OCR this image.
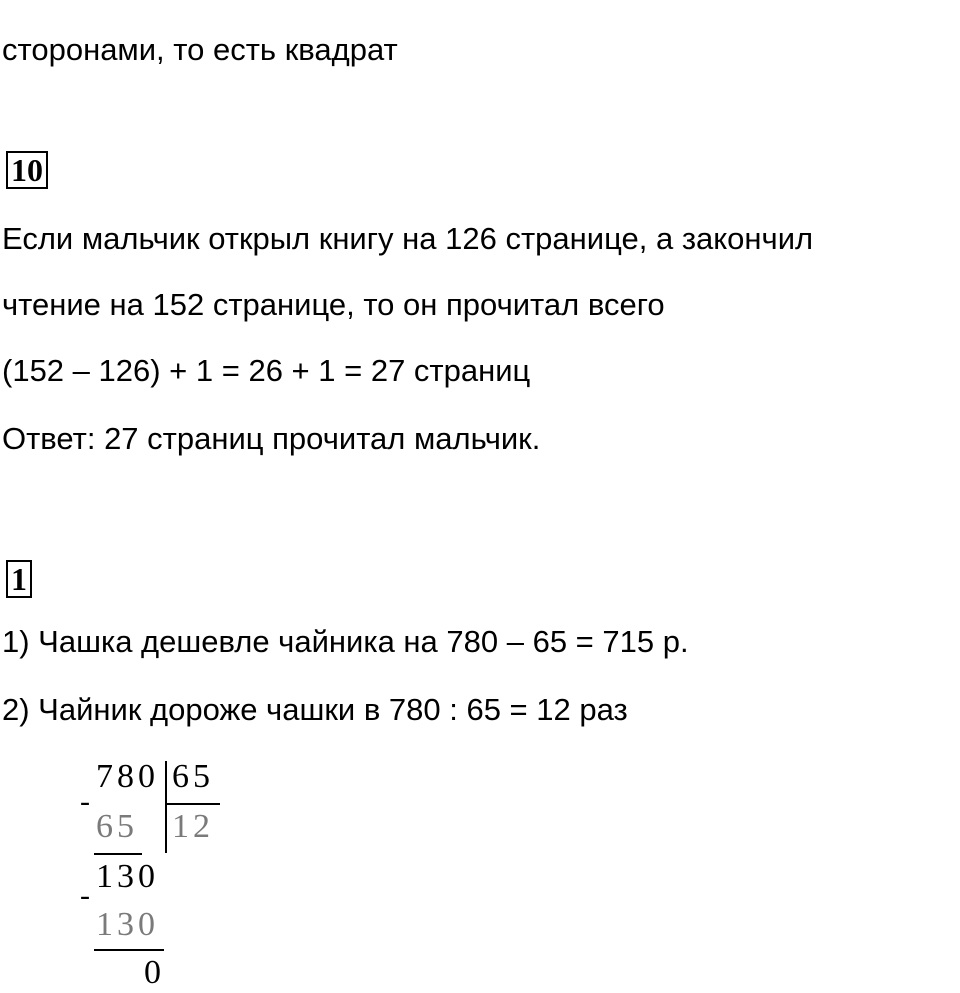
сторонами, то есть квадрат
10
Если мальчик открыл книгу на 126 странице, а закончил
чтение на 152 странице, то он прочитал всего
(152 – 126) + 1 = 26 + 1 = 27 страниц
Ответ: 27 страниц прочитал мальчик.
1
1) Чашка дешевле чайника на 780 – 65 = 715 р.
2) Чайник дороже чашки в 780 : 65 = 12 раз
780 65
-
65 12
130
-
130
0
